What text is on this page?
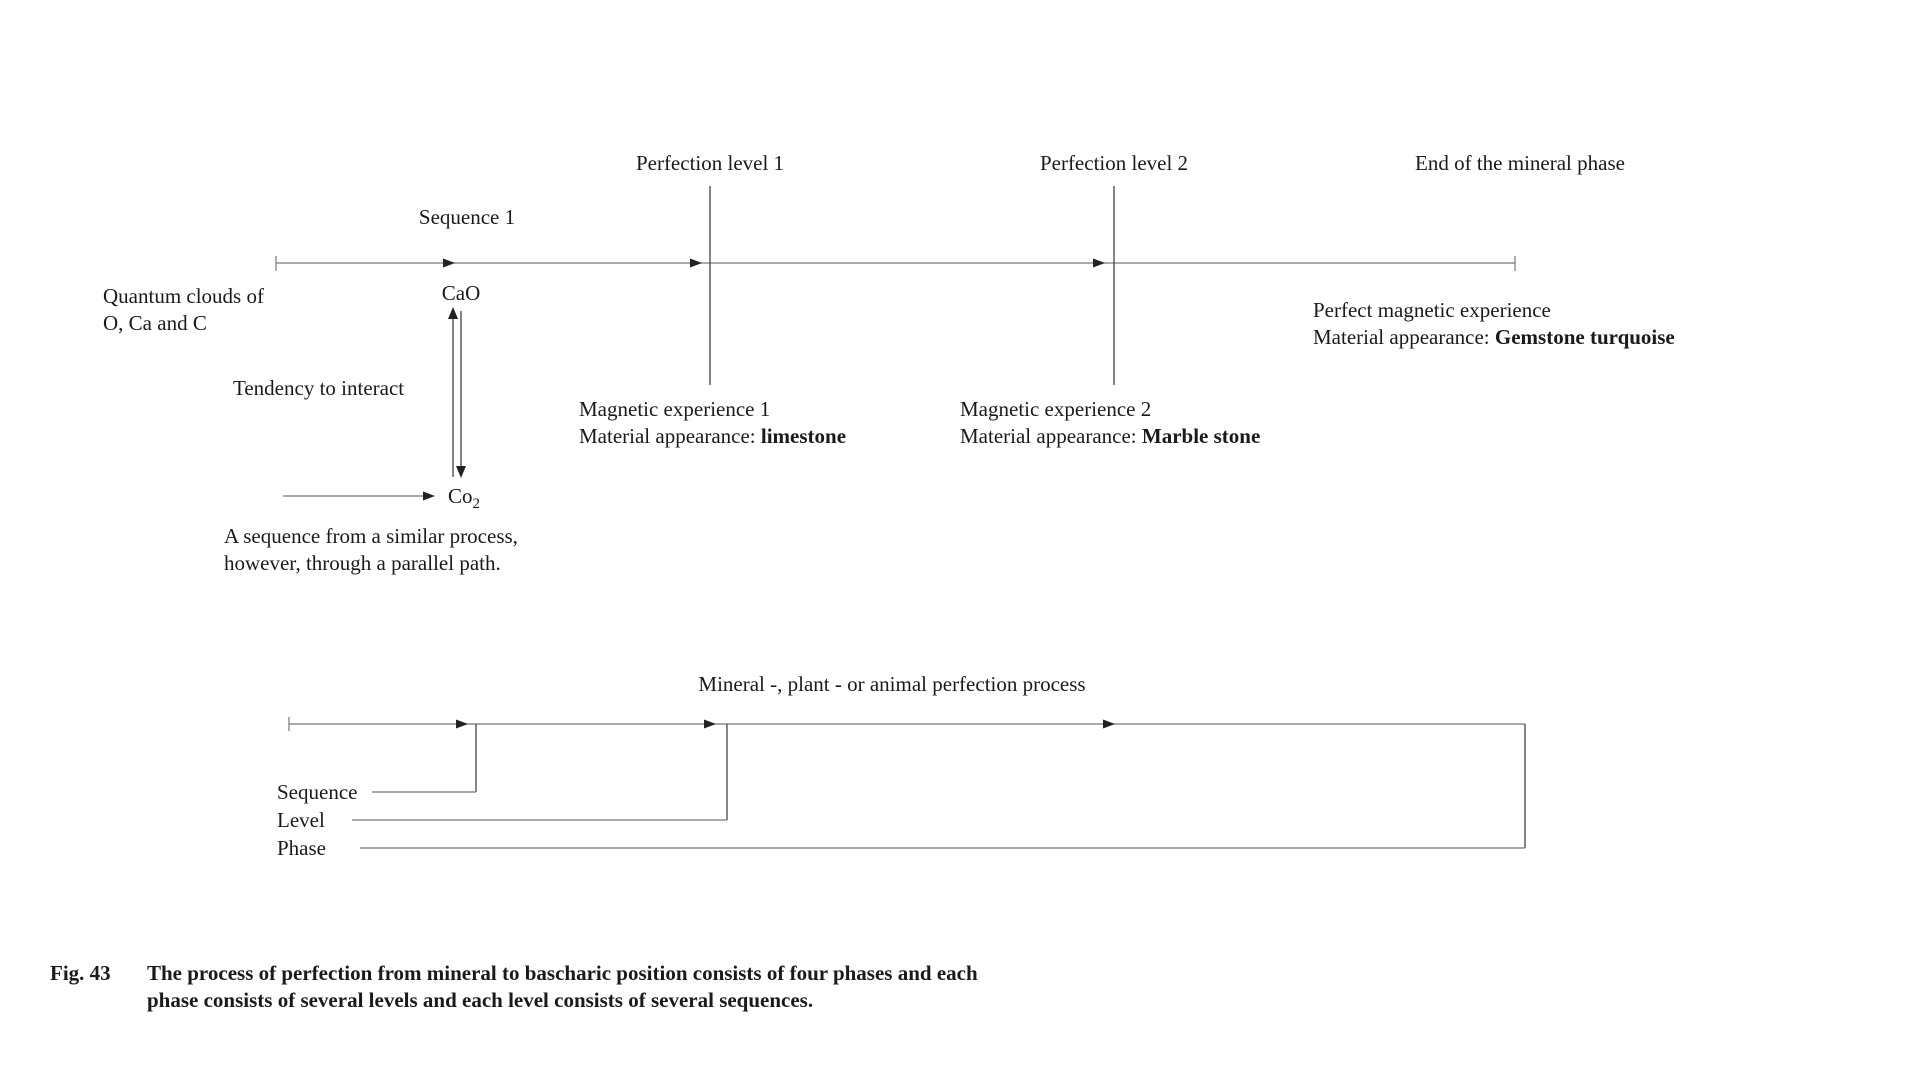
Perfection level 1	Perfection level 2	End of the mineral phase
Sequence 1
Quantum clouds of
O, Ca and C
CaO
Tendency to interact
$Co_2$
A sequence from a similar process,
however, through a parallel path.
Magnetic experience 1
Material appearance: limestone
Magnetic experience 2
Material appearance: Marble stone
Perfect magnetic experience
Material appearance: Gemstone turquoise
Mineral -, plant - or animal perfection process
Sequence
Level
Phase
Fig. 43 The process of perfection from mineral to bascharic position consists of four phases and each
phase consists of several levels and each level consists of several sequences.
